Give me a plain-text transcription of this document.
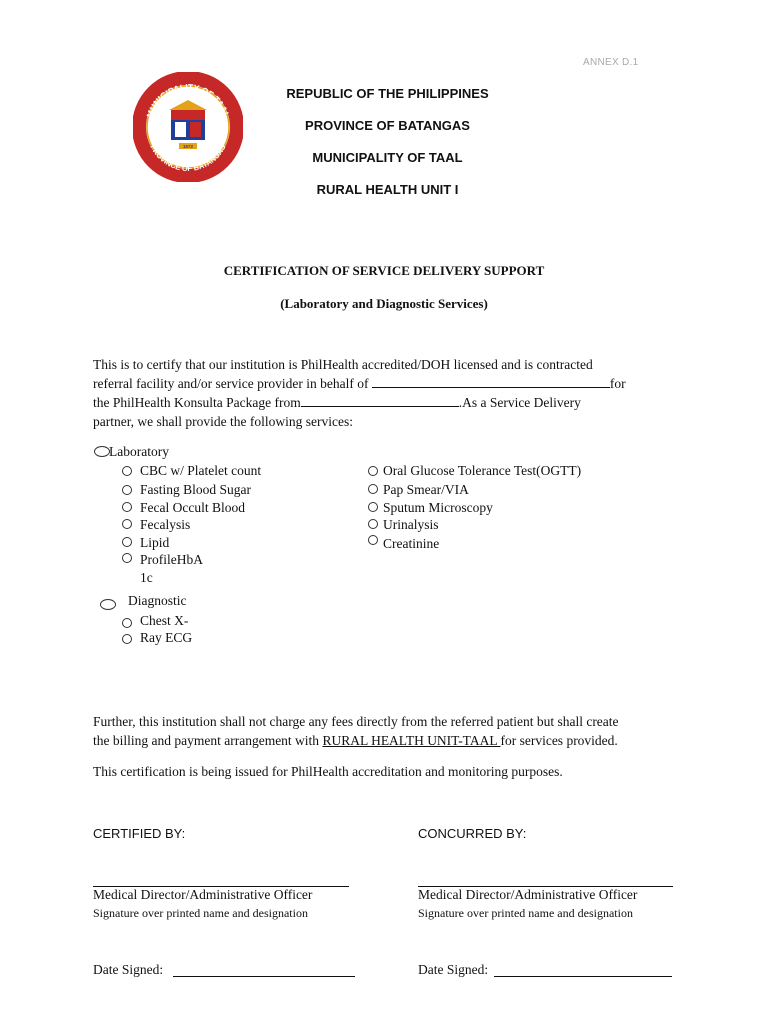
ANNEX D.1
MUNICIPALITY OF TAAL
PROVINCE OF BATANGAS
1572
REPUBLIC OF THE PHILIPPINES
PROVINCE OF BATANGAS
MUNICIPALITY OF TAAL
RURAL HEALTH UNIT I
CERTIFICATION OF SERVICE DELIVERY SUPPORT
(Laboratory and Diagnostic Services)
This is to certify that our institution is PhilHealth accredited/DOH licensed and is contracted
referral facility and/or service provider in behalf of	for
the PhilHealth Konsulta Package from	.As a Service Delivery
partner, we shall provide the following services:
Laboratory
CBC w/ Platelet count
Fasting Blood Sugar
Fecal Occult Blood
Fecalysis
Lipid
ProfileHbA
1c
Oral Glucose Tolerance Test(OGTT)
Pap Smear/VIA
Sputum Microscopy
Urinalysis
Creatinine
Diagnostic
Chest X-
Ray ECG
Further, this institution shall not charge any fees directly from the referred patient but shall create
the billing and payment arrangement with RURAL HEALTH UNIT-TAAL for services provided.
This certification is being issued for PhilHealth accreditation and monitoring purposes.
CERTIFIED BY:	CONCURRED BY:
Medical Director/Administrative Officer	Medical Director/Administrative Officer
Signature over printed name and designation	Signature over printed name and designation
Date Signed:	Date Signed:
